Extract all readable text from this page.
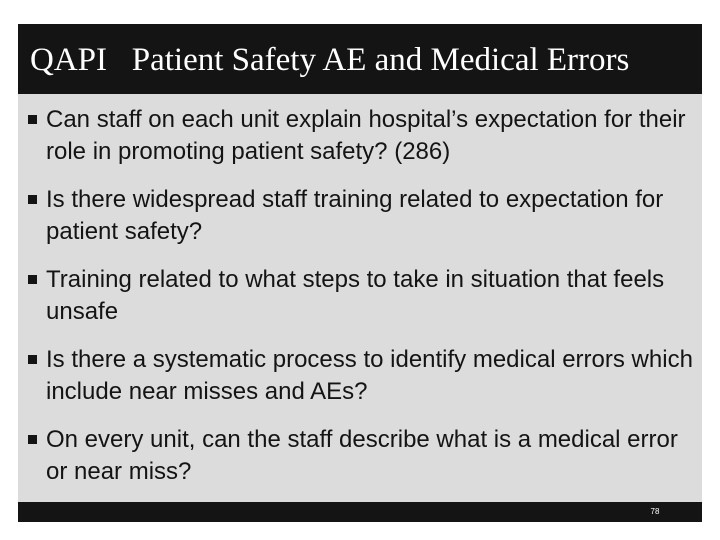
QAPI   Patient Safety AE and Medical Errors
Can staff on each unit explain hospital’s expectation for their role in promoting patient safety? (286)
Is there widespread staff training related to expectation for patient safety?
Training related to what steps to take in situation that feels unsafe
Is there a systematic process to identify medical errors which include near misses and AEs?
On every unit, can the staff describe what is a medical error or near miss?
78
